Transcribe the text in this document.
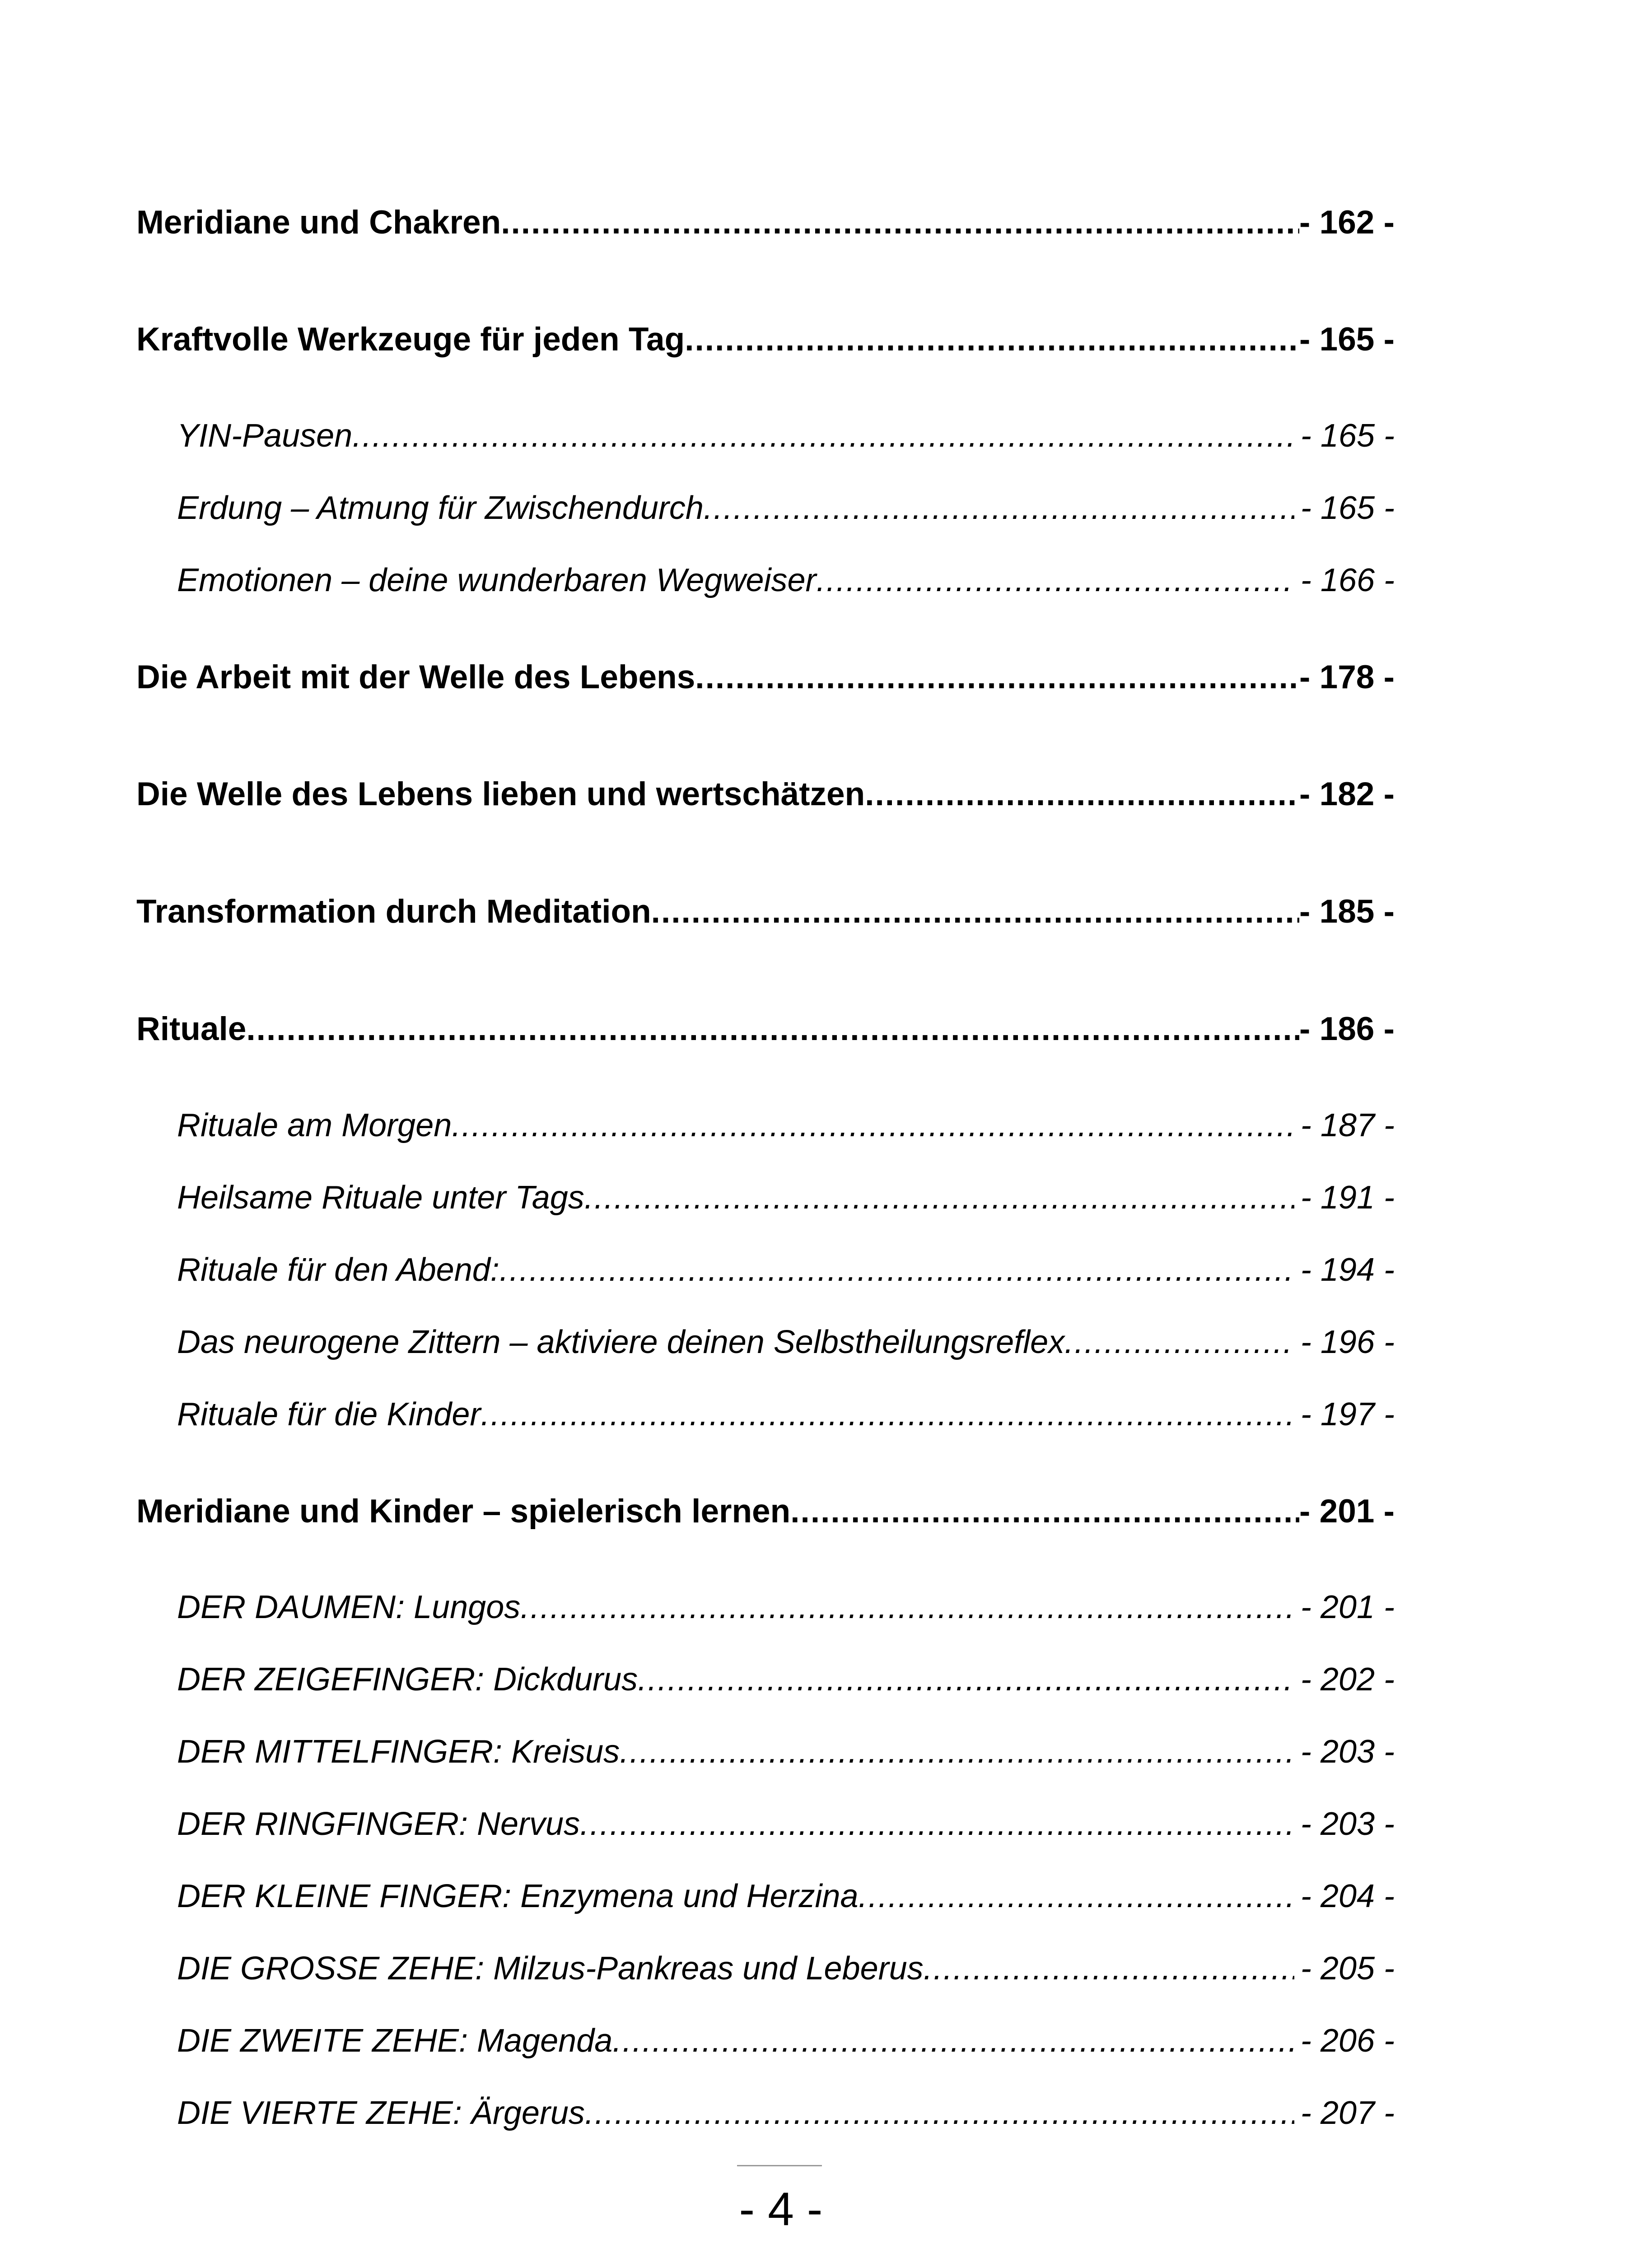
Meridiane und Chakren .....	- 162 -
Kraftvolle Werkzeuge für jeden Tag .....	- 165 -
YIN-Pausen .....	- 165 -
Erdung – Atmung für Zwischendurch .....	- 165 -
Emotionen – deine wunderbaren Wegweiser .....	- 166 -
Die Arbeit mit der Welle des Lebens .....	- 178 -
Die Welle des Lebens lieben und wertschätzen .....	- 182 -
Transformation durch Meditation .....	- 185 -
Rituale .....	- 186 -
Rituale am Morgen .....	- 187 -
Heilsame Rituale unter Tags .....	- 191 -
Rituale für den Abend: .....	- 194 -
Das neurogene Zittern – aktiviere deinen Selbstheilungsreflex .....	- 196 -
Rituale für die Kinder .....	- 197 -
Meridiane und Kinder – spielerisch lernen .....	- 201 -
DER DAUMEN: Lungos .....	- 201 -
DER ZEIGEFINGER: Dickdurus .....	- 202 -
DER MITTELFINGER: Kreisus .....	- 203 -
DER RINGFINGER: Nervus .....	- 203 -
DER KLEINE FINGER: Enzymena und Herzina .....	- 204 -
DIE GROSSE ZEHE: Milzus-Pankreas und Leberus .....	- 205 -
DIE ZWEITE ZEHE: Magenda .....	- 206 -
DIE VIERTE ZEHE: Ärgerus .....	- 207 -
- 4 -
